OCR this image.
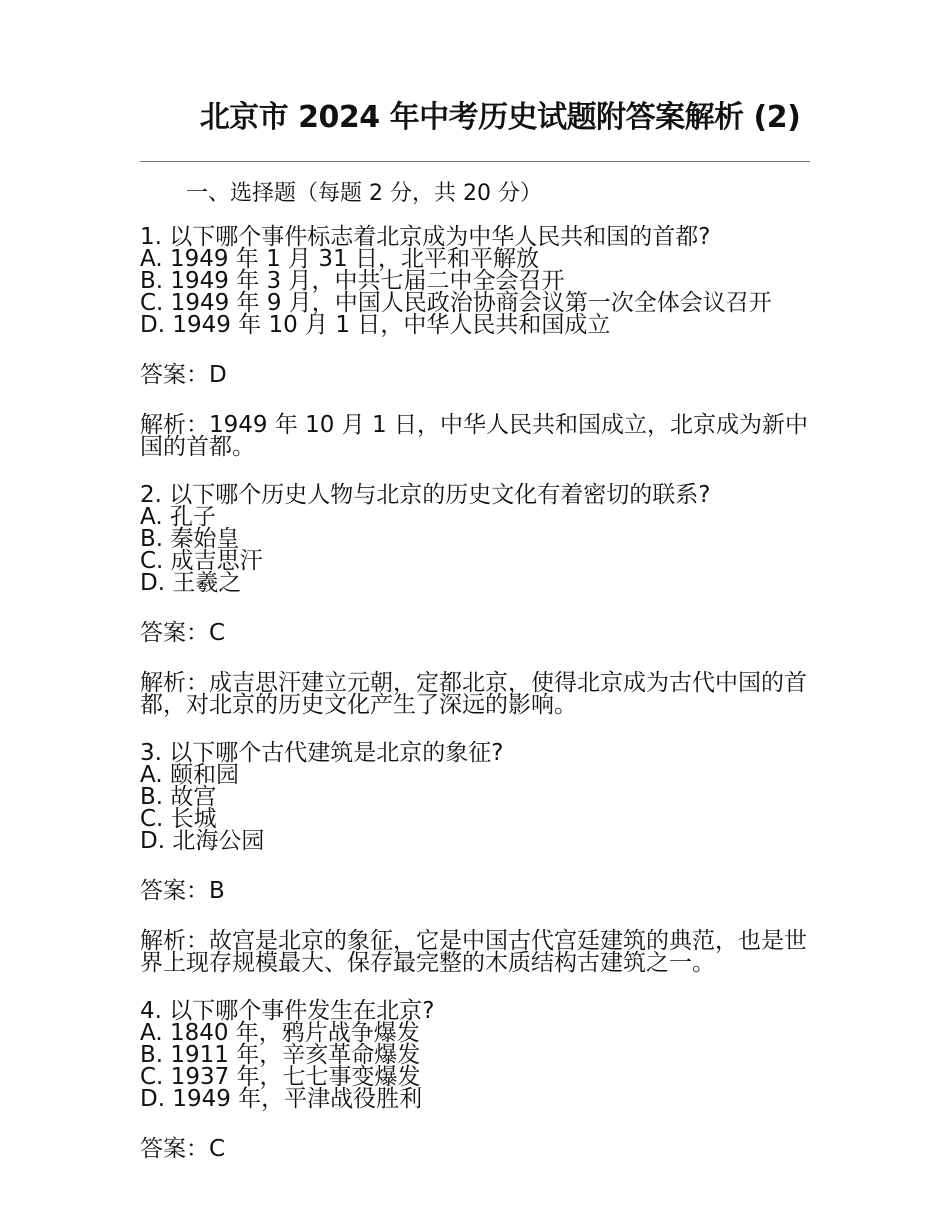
北京市 2024 年中考历史试题附答案解析 (2)
一、选择题（每题 2 分，共 20 分）
1. 以下哪个事件标志着北京成为中华人民共和国的首都?
A. 1949 年 1 月 31 日，北平和平解放
B. 1949 年 3 月，中共七届二中全会召开
C. 1949 年 9 月，中国人民政治协商会议第一次全体会议召开
D. 1949 年 10 月 1 日，中华人民共和国成立
答案：D
解析：1949 年 10 月 1 日，中华人民共和国成立，北京成为新中国的首都。
2. 以下哪个历史人物与北京的历史文化有着密切的联系?
A. 孔子
B. 秦始皇
C. 成吉思汗
D. 王羲之
答案：C
解析：成吉思汗建立元朝，定都北京，使得北京成为古代中国的首都，对北京的历史文化产生了深远的影响。
3. 以下哪个古代建筑是北京的象征?
A. 颐和园
B. 故宫
C. 长城
D. 北海公园
答案：B
解析：故宫是北京的象征，它是中国古代宫廷建筑的典范，也是世界上现存规模最大、保存最完整的木质结构古建筑之一。
4. 以下哪个事件发生在北京?
A. 1840 年，鸦片战争爆发
B. 1911 年，辛亥革命爆发
C. 1937 年，七七事变爆发
D. 1949 年，平津战役胜利
答案：C
